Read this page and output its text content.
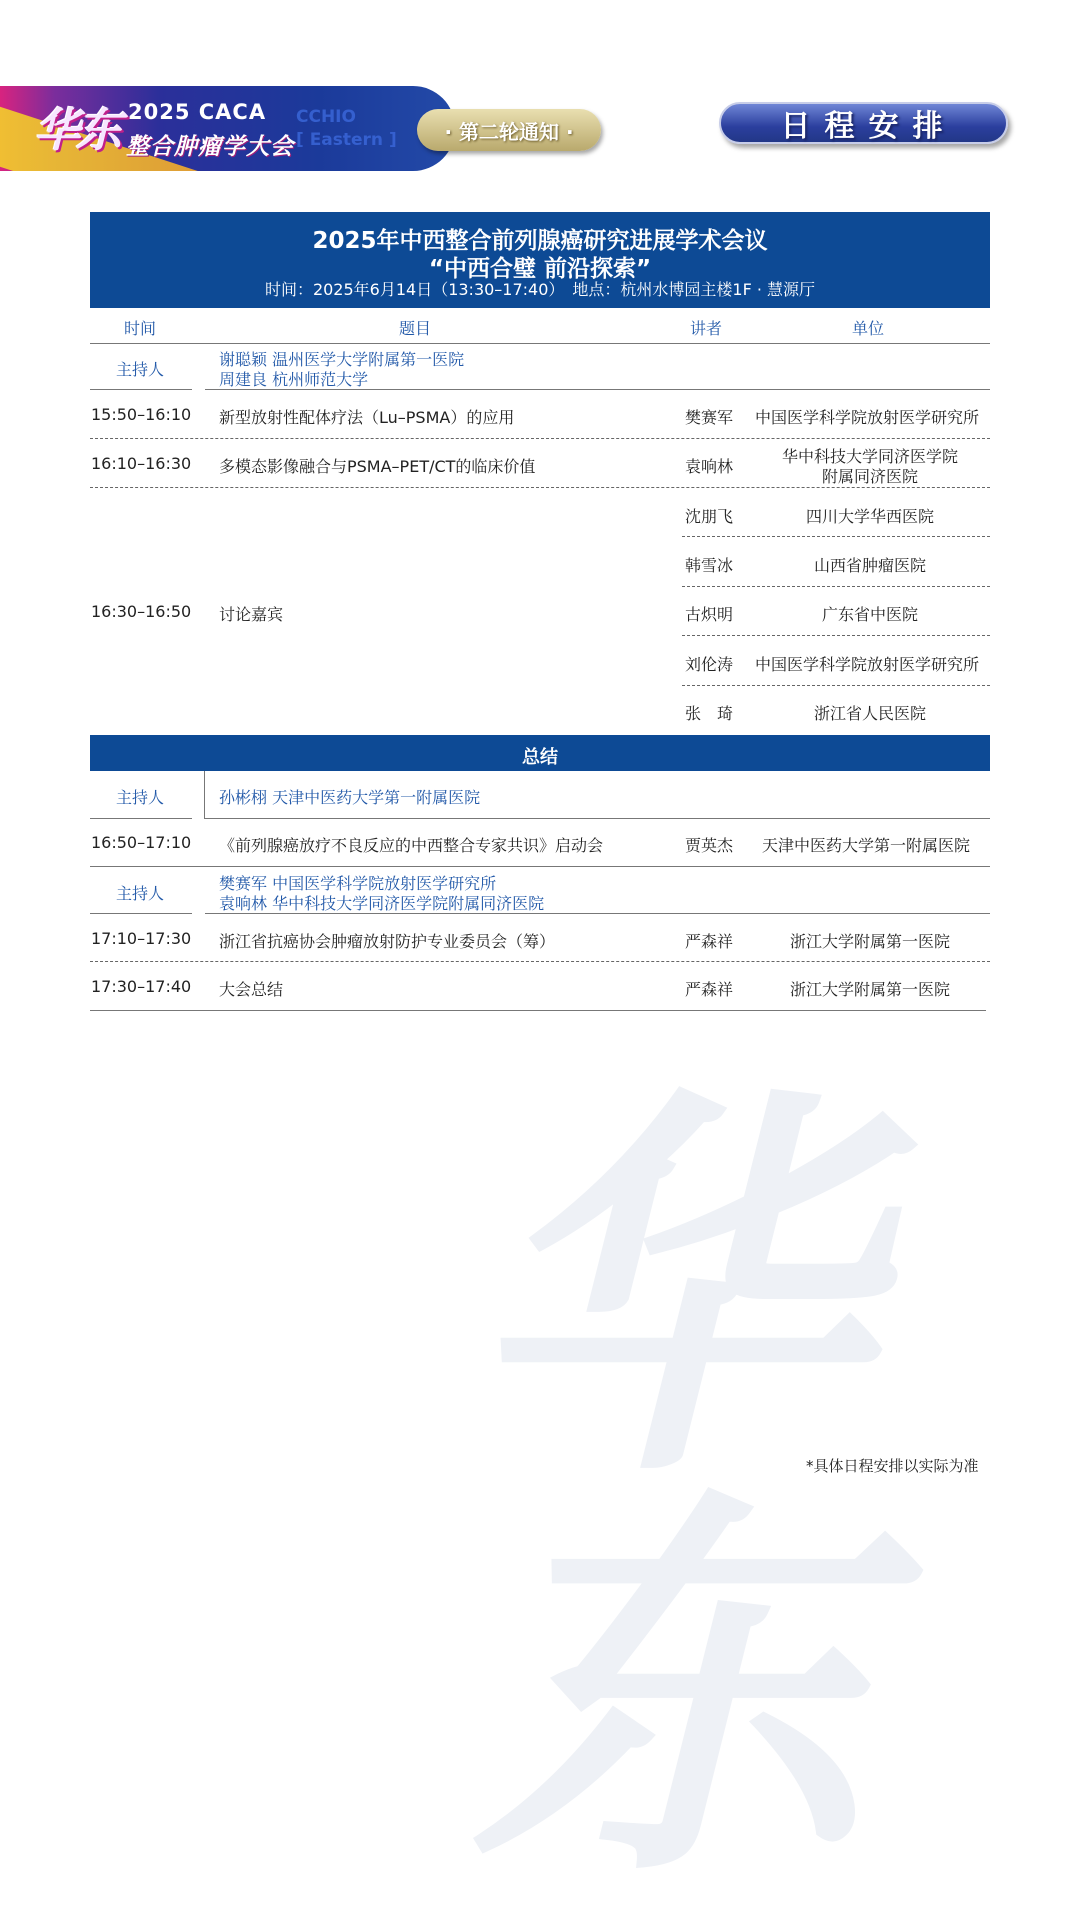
华东
华东 2025 CACA
整合肿瘤学大会
CCHIO
[ Eastern ]	· 第二轮通知 ·	日程安排
2025年中西整合前列腺癌研究进展学术会议
“中西合璧 前沿探索”
时间：2025年6月14日（13:30–17:40）　地点：杭州水博园主楼1F · 慧源厅
时间	题目	讲者	单位
主持人
谢聪颖 温州医学大学附属第一医院
周建良 杭州师范大学
15:50–16:10 新型放射性配体疗法（Lu–PSMA）的应用	樊赛军 中国医学科学院放射医学研究所
16:10–16:30 多模态影像融合与PSMA–PET/CT的临床价值	袁响林
华中科技大学同济医学院
附属同济医院
16:30–16:50 讨论嘉宾
沈朋飞	四川大学华西医院
韩雪冰	山西省肿瘤医院
古炽明	广东省中医院
刘伦涛 中国医学科学院放射医学研究所
张　琦	浙江省人民医院
总结
主持人	孙彬栩 天津中医药大学第一附属医院
16:50–17:10 《前列腺癌放疗不良反应的中西整合专家共识》启动会	贾英杰 天津中医药大学第一附属医院
主持人
樊赛军 中国医学科学院放射医学研究所
袁响林 华中科技大学同济医学院附属同济医院
17:10–17:30 浙江省抗癌协会肿瘤放射防护专业委员会（筹）	严森祥	浙江大学附属第一医院
17:30–17:40 大会总结	严森祥	浙江大学附属第一医院
*具体日程安排以实际为准
